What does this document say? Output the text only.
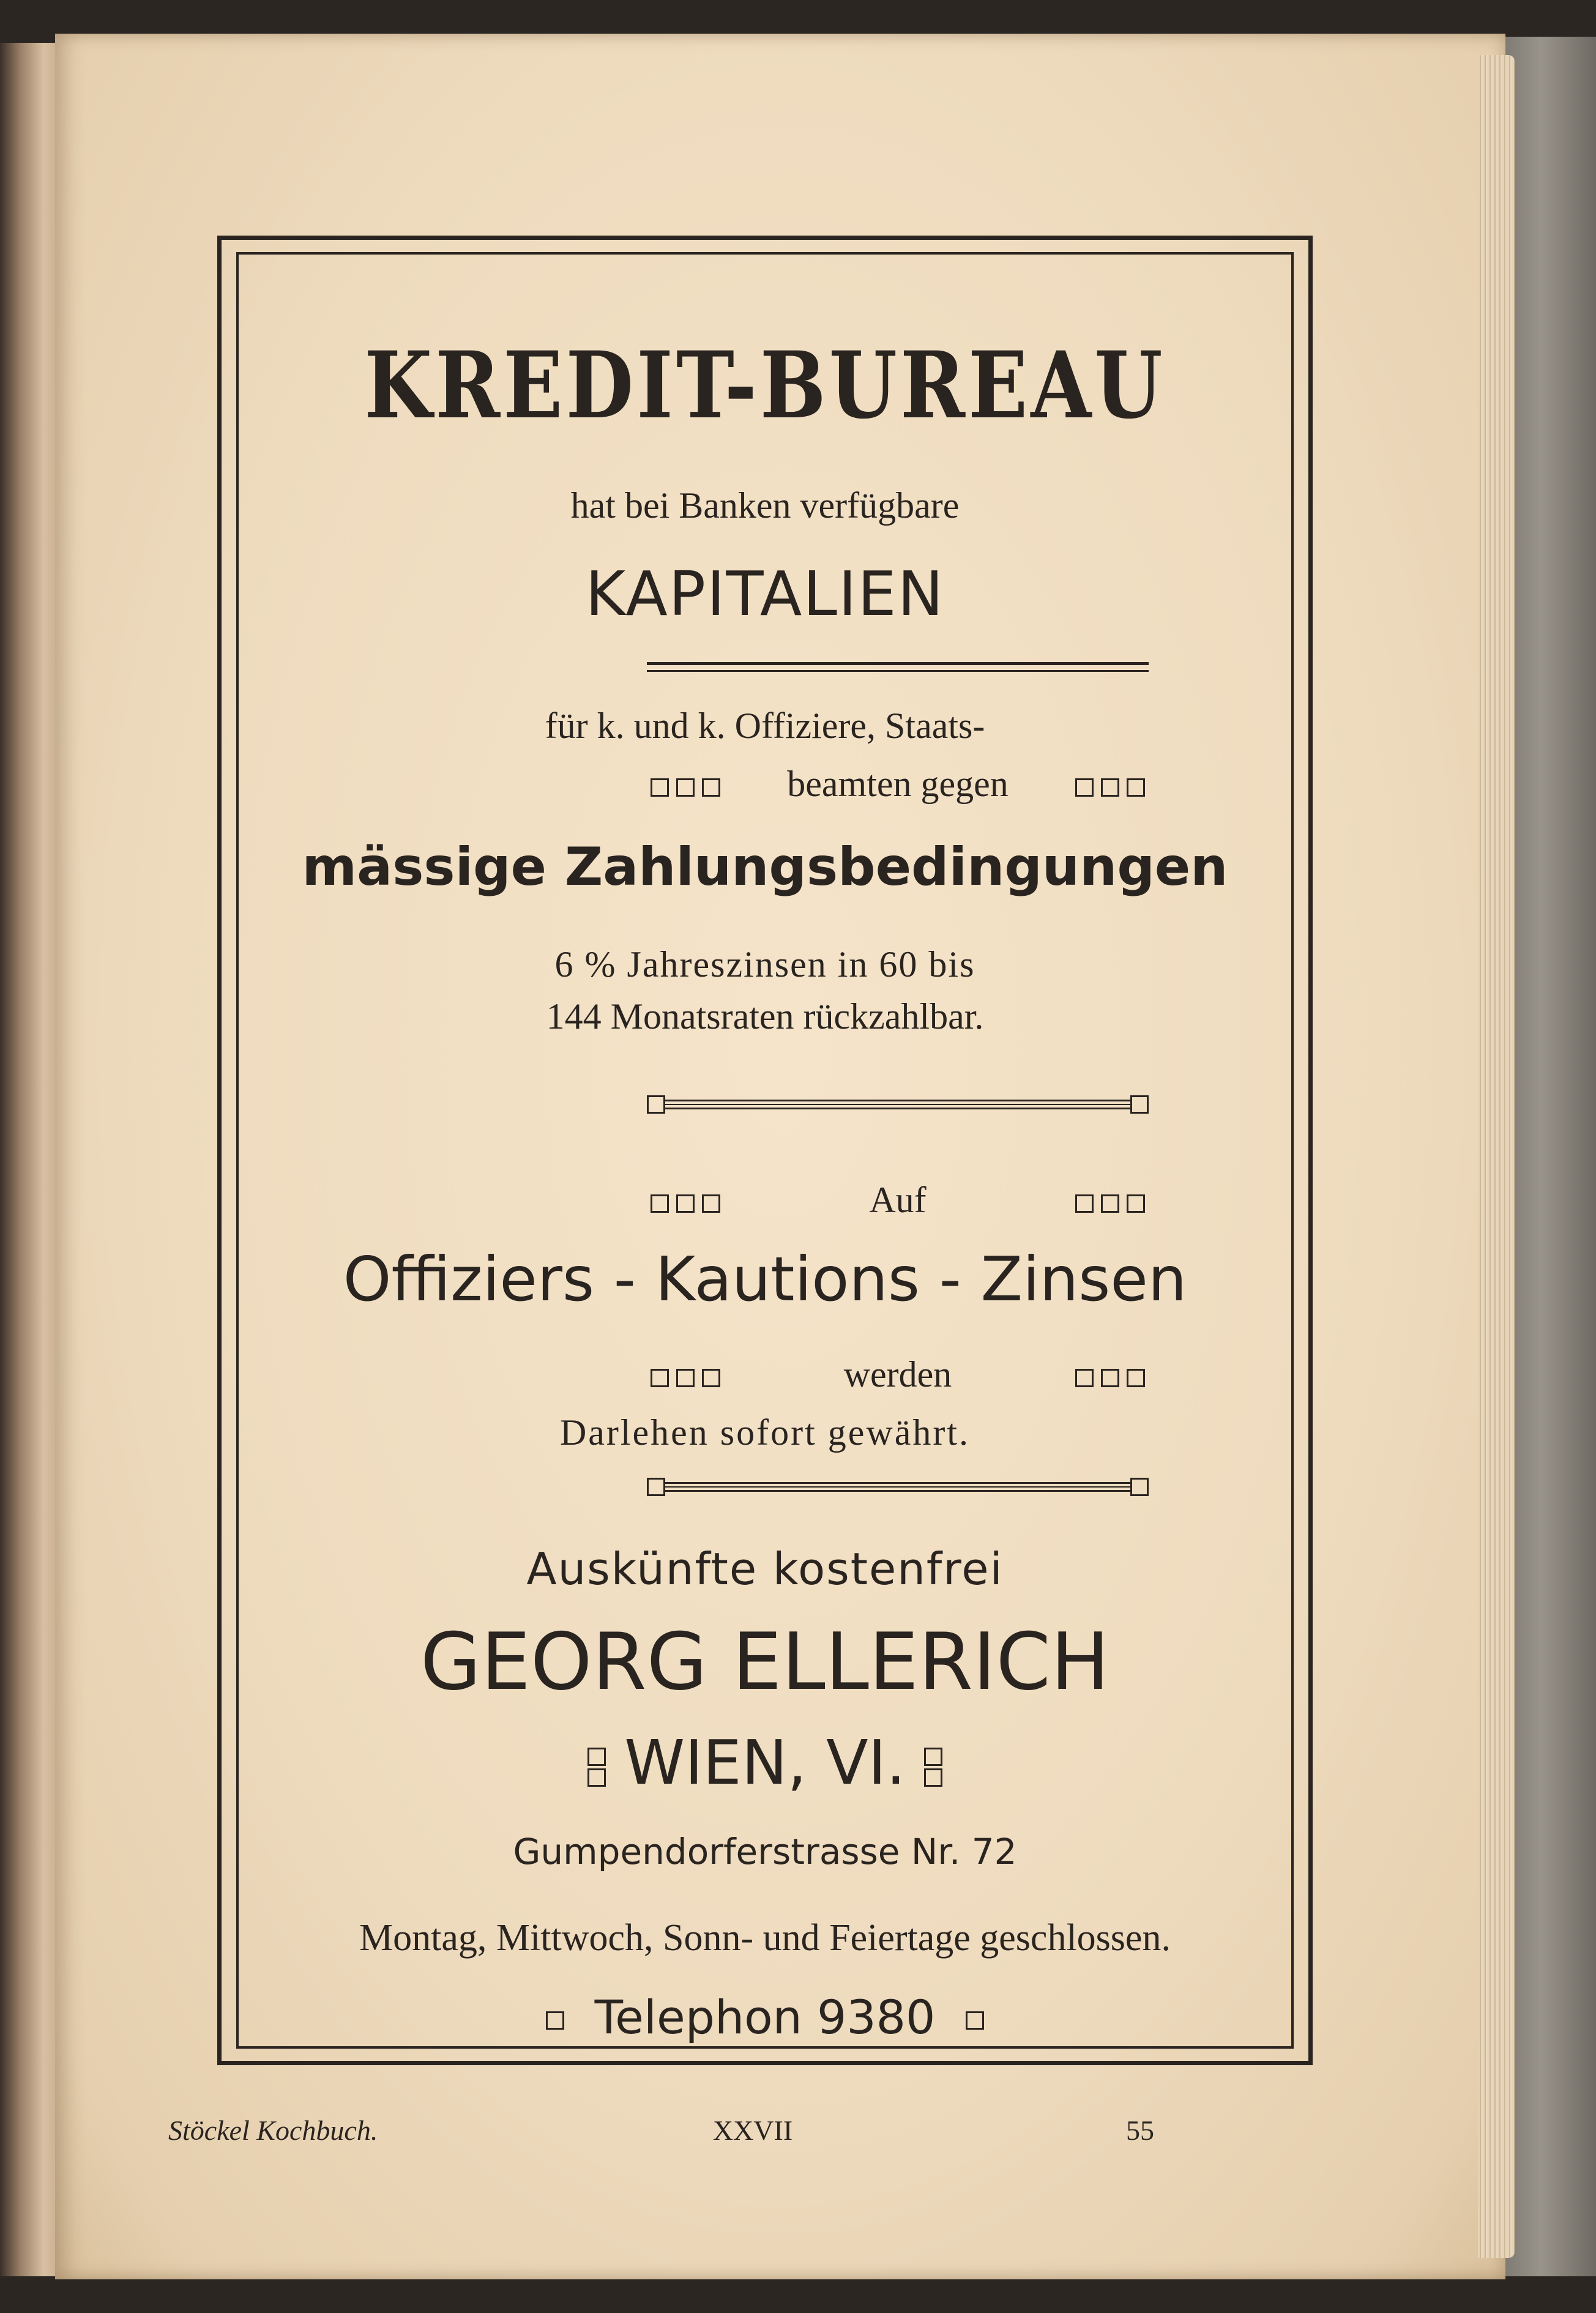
KREDIT-BUREAU
hat bei Banken verfügbare
KAPITALIEN
für k. und k. Offiziere, Staats-
beamten gegen
mässige Zahlungsbedingungen
6 % Jahreszinsen in 60 bis
144 Monatsraten rückzahlbar.
Auf
Offiziers - Kautions - Zinsen
werden
Darlehen sofort gewährt.
Auskünfte kostenfrei
GEORG ELLERICH
WIEN, VI.
Gumpendorferstrasse Nr. 72
Montag, Mittwoch, Sonn- und Feiertage geschlossen.
Telephon 9380
Stöckel Kochbuch.	XXVII	55
